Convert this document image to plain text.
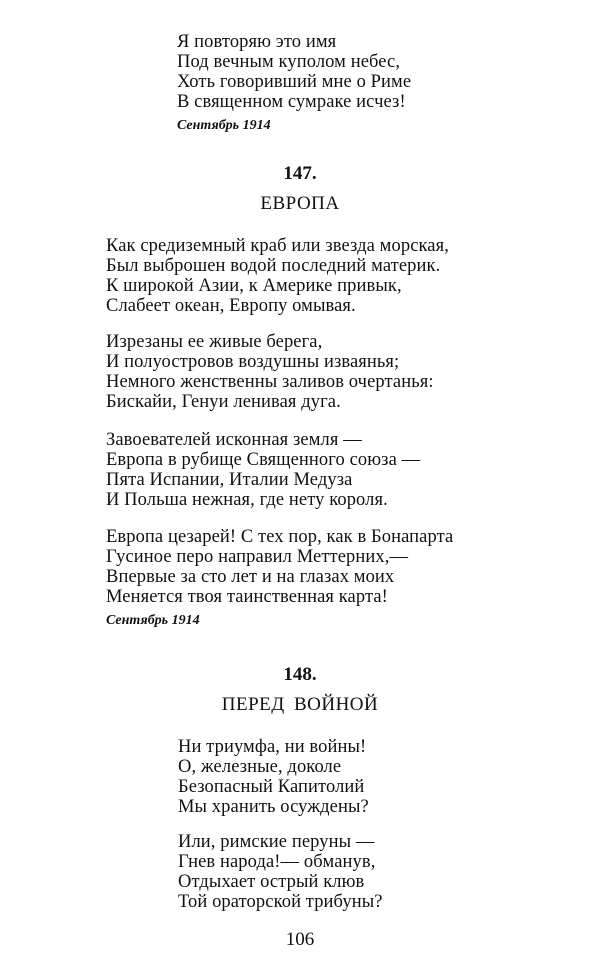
Я повторяю это имя
Под вечным куполом небес,
Хоть говоривший мне о Риме
В священном сумраке исчез!
Сентябрь 1914
147.
ЕВРОПА
Как средиземный краб или звезда морская,
Был выброшен водой последний материк.
К широкой Азии, к Америке привык,
Слабеет океан, Европу омывая.
Изрезаны ее живые берега,
И полуостровов воздушны изваянья;
Немного женственны заливов очертанья:
Бискайи, Генуи ленивая дуга.
Завоевателей исконная земля —
Европа в рубище Священного союза —
Пята Испании, Италии Медуза
И Польша нежная, где нету короля.
Европа цезарей! С тех пор, как в Бонапарта
Гусиное перо направил Меттерних,—
Впервые за сто лет и на глазах моих
Меняется твоя таинственная карта!
Сентябрь 1914
148.
ПЕРЕД ВОЙНОЙ
Ни триумфа, ни войны!
О, железные, доколе
Безопасный Капитолий
Мы хранить осуждены?
Или, римские перуны —
Гнев народа!— обманув,
Отдыхает острый клюв
Той ораторской трибуны?
106
